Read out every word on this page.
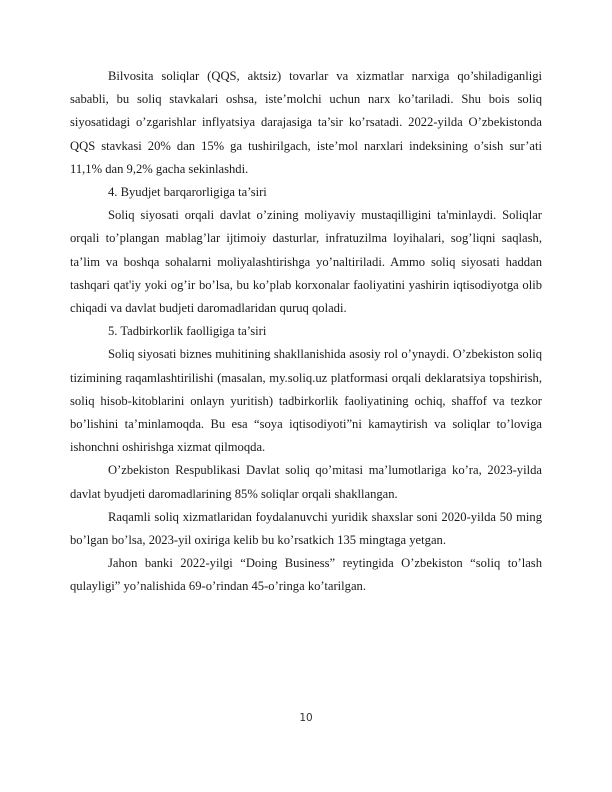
Bilvosita soliqlar (QQS, aktsiz) tovarlar va xizmatlar narxiga qo’shiladiganligi sababli, bu soliq stavkalari oshsa, iste’molchi uchun narx ko’tariladi. Shu bois soliq siyosatidagi o’zgarishlar inflyatsiya darajasiga ta’sir ko’rsatadi. 2022-yilda O’zbekistonda QQS stavkasi 20% dan 15% ga tushirilgach, iste’mol narxlari indeksining o’sish sur’ati 11,1% dan 9,2% gacha sekinlashdi.

4. Byudjet barqarorligiga ta’siri

Soliq siyosati orqali davlat o’zining moliyaviy mustaqilligini ta'minlaydi. Soliqlar orqali to’plangan mablag’lar ijtimoiy dasturlar, infratuzilma loyihalari, sog’liqni saqlash, ta’lim va boshqa sohalarni moliyalashtirishga yo’naltiriladi. Ammo soliq siyosati haddan tashqari qat'iy yoki og’ir bo’lsa, bu ko’plab korxonalar faoliyatini yashirin iqtisodiyotga olib chiqadi va davlat budjeti daromadlaridan quruq qoladi.

5. Tadbirkorlik faolligiga ta’siri

Soliq siyosati biznes muhitining shakllanishida asosiy rol o’ynaydi. O’zbekiston soliq tizimining raqamlashtirilishi (masalan, my.soliq.uz platformasi orqali deklaratsiya topshirish, soliq hisob-kitoblarini onlayn yuritish) tadbirkorlik faoliyatining ochiq, shaffof va tezkor bo’lishini ta’minlamoqda. Bu esa “soya iqtisodiyoti”ni kamaytirish va soliqlar to’loviga ishonchni oshirishga xizmat qilmoqda.

O’zbekiston Respublikasi Davlat soliq qo’mitasi ma’lumotlariga ko’ra, 2023-yilda davlat byudjeti daromadlarining 85% soliqlar orqali shakllangan.

Raqamli soliq xizmatlaridan foydalanuvchi yuridik shaxslar soni 2020-yilda 50 ming bo’lgan bo’lsa, 2023-yil oxiriga kelib bu ko’rsatkich 135 mingtaga yetgan.

Jahon banki 2022-yilgi “Doing Business” reytingida O’zbekiston “soliq to’lash qulayligi” yo’nalishida 69-o’rindan 45-o’ringa ko’tarilgan.

10
